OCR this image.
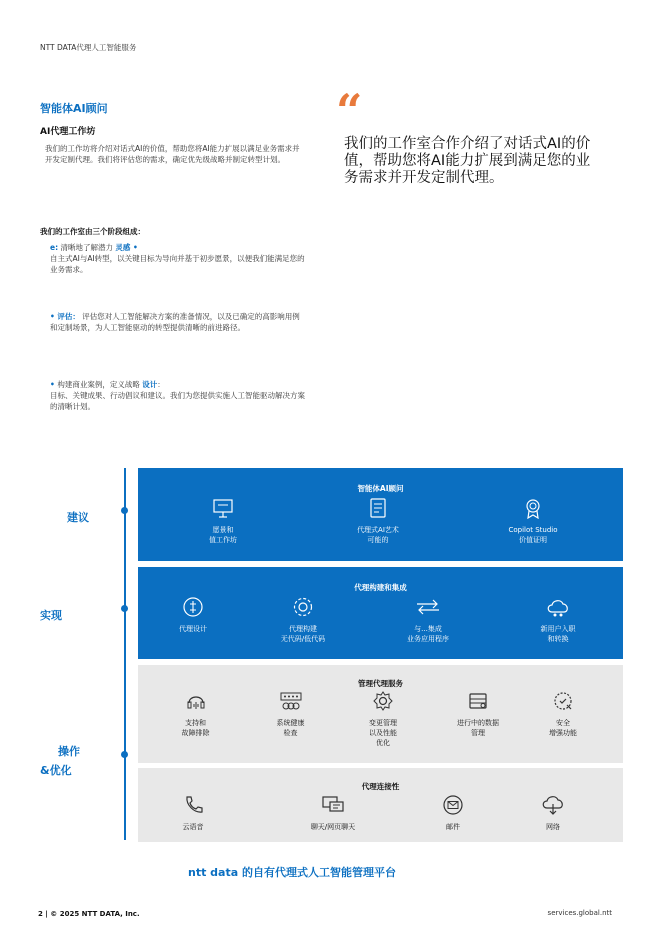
NTT DATA代理人工智能服务
智能体AI顾问
AI代理工作坊
我们的工作坊将介绍对话式AI的价值，帮助您将AI能力扩展以满足业务需求并开发定制代理。我们将评估您的需求，确定优先级战略并制定转型计划。
我们的工作室由三个阶段组成：
e: 清晰地了解潜力 灵感 •
自主式AI与AI转型，以关键目标为导向并基于初步愿景，以便我们能满足您的业务需求。
• 评估： 评估您对人工智能解决方案的准备情况，以及已确定的高影响用例和定制场景，为人工智能驱动的转型提供清晰的前进路径。
• 构建商业案例，定义战略 设计：
目标、关键成果、行动倡议和建议。我们为您提供实施人工智能驱动解决方案的清晰计划。
“
我们的工作室合作介绍了对话式AI的价值，帮助您将AI能力扩展到满足您的业务需求并开发定制代理。
建议
实现
操作
&优化
智能体AI顾问
愿景和
值工作坊
代理式AI艺术
可能的
Copilot Studio
价值证明
代理构建和集成
代理设计	代理构建
无代码/低代码
与...集成
业务应用程序
新用户入职
和转换
管理代理服务
支持和
故障排除
系统健康
检查
变更管理
以及性能
优化
进行中的数据
管理
安全
增强功能
代理连接性
云语音	聊天/网页聊天	邮件	网络
ntt data 的自有代理式人工智能管理平台
2 | © 2025 NTT DATA, Inc.	services.global.ntt
